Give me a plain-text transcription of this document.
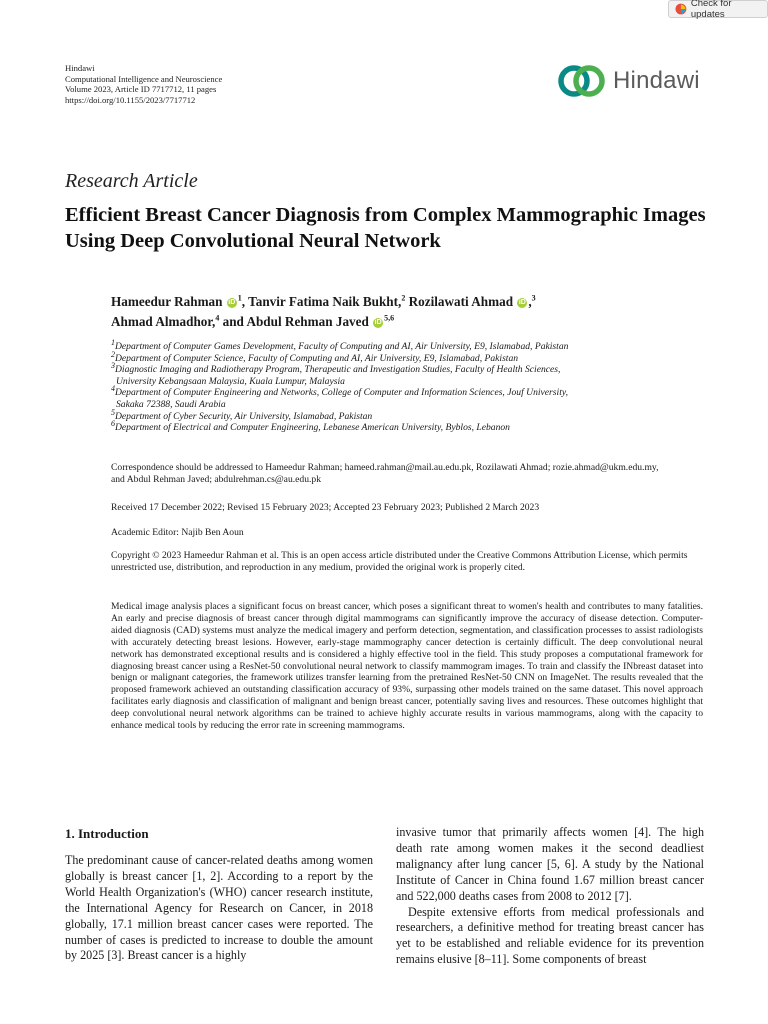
Check for updates
Hindawi
Computational Intelligence and Neuroscience
Volume 2023, Article ID 7717712, 11 pages
https://doi.org/10.1155/2023/7717712
Hindawi
Research Article
Efficient Breast Cancer Diagnosis from Complex Mammographic Images Using Deep Convolutional Neural Network
Hameedur Rahman iD $^1$, Tanvir Fatima Naik Bukht,$^2$ Rozilawati Ahmad iD ,$^3$
Ahmad Almadhor,$^4$ and Abdul Rehman Javed iD $^{5,6}$
$^1$Department of Computer Games Development, Faculty of Computing and AI, Air University, E9, Islamabad, Pakistan
$^2$Department of Computer Science, Faculty of Computing and AI, Air University, E9, Islamabad, Pakistan
$^3$Diagnostic Imaging and Radiotherapy Program, Therapeutic and Investigation Studies, Faculty of Health Sciences,
University Kebangsaan Malaysia, Kuala Lumpur, Malaysia
$^4$Department of Computer Engineering and Networks, College of Computer and Information Sciences, Jouf University,
Sakaka 72388, Saudi Arabia
$^5$Department of Cyber Security, Air University, Islamabad, Pakistan
$^6$Department of Electrical and Computer Engineering, Lebanese American University, Byblos, Lebanon
Correspondence should be addressed to Hameedur Rahman; hameed.rahman@mail.au.edu.pk, Rozilawati Ahmad; rozie.ahmad@ukm.edu.my, and Abdul Rehman Javed; abdulrehman.cs@au.edu.pk
Received 17 December 2022; Revised 15 February 2023; Accepted 23 February 2023; Published 2 March 2023
Academic Editor: Najib Ben Aoun
Copyright © 2023 Hameedur Rahman et al. This is an open access article distributed under the Creative Commons Attribution License, which permits unrestricted use, distribution, and reproduction in any medium, provided the original work is properly cited.
Medical image analysis places a significant focus on breast cancer, which poses a significant threat to women's health and contributes to many fatalities. An early and precise diagnosis of breast cancer through digital mammograms can significantly improve the accuracy of disease detection. Computer-aided diagnosis (CAD) systems must analyze the medical imagery and perform detection, segmentation, and classification processes to assist radiologists with accurately detecting breast lesions. However, early-stage mammography cancer detection is certainly difficult. The deep convolutional neural network has demonstrated exceptional results and is considered a highly effective tool in the field. This study proposes a computational framework for diagnosing breast cancer using a ResNet-50 convolutional neural network to classify mammogram images. To train and classify the INbreast dataset into benign or malignant categories, the framework utilizes transfer learning from the pretrained ResNet-50 CNN on ImageNet. The results revealed that the proposed framework achieved an outstanding classification accuracy of 93%, surpassing other models trained on the same dataset. This novel approach facilitates early diagnosis and classification of malignant and benign breast cancer, potentially saving lives and resources. These outcomes highlight that deep convolutional neural network algorithms can be trained to achieve highly accurate results in various mammograms, along with the capacity to enhance medical tools by reducing the error rate in screening mammograms.
1. Introduction
The predominant cause of cancer-related deaths among women globally is breast cancer [1, 2]. According to a report by the World Health Organization's (WHO) cancer research institute, the International Agency for Research on Cancer, in 2018 globally, 17.1 million breast cancer cases were reported. The number of cases is predicted to increase to double the amount by 2025 [3]. Breast cancer is a highly
invasive tumor that primarily affects women [4]. The high death rate among women makes it the second deadliest malignancy after lung cancer [5, 6]. A study by the National Institute of Cancer in China found 1.67 million breast cancer and 522,000 deaths cases from 2008 to 2012 [7].
Despite extensive efforts from medical professionals and researchers, a definitive method for treating breast cancer has yet to be established and reliable evidence for its prevention remains elusive [8–11]. Some components of breast
